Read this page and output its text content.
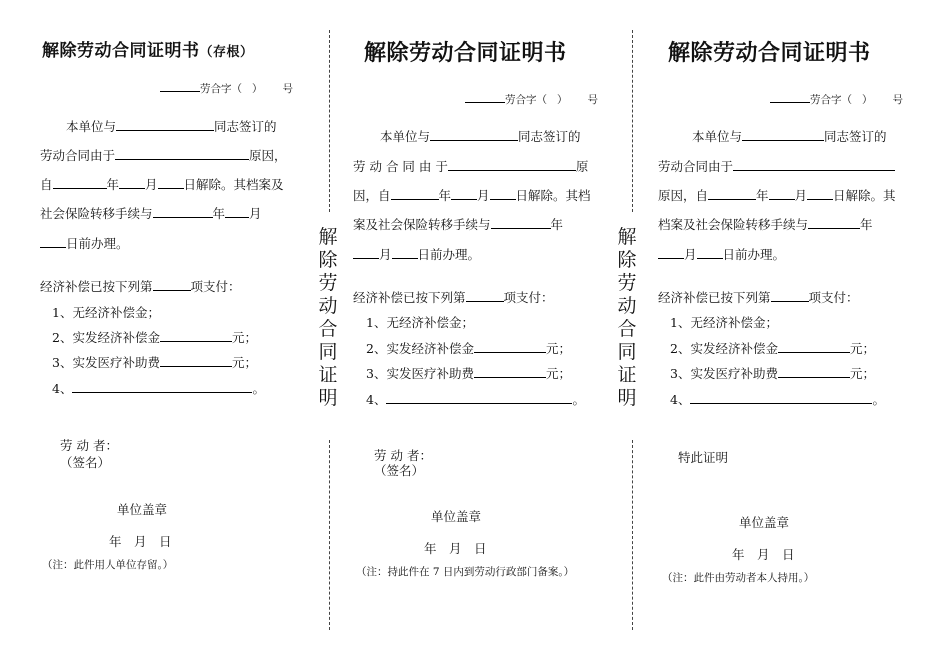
解除劳动合同证明书（存根）
劳合字（ ） 号
本单位与	同志签订的
劳动合同由于	原因，
自	年 月 日解除。其档案及
社会保险转移手续与	年 月
日前办理。
经济补偿已按下列第	项支付：
1、无经济补偿金；
2、实发经济补偿金	元；
3、实发医疗补助费	元；
4、	。
劳 动 者：
（签名）
单位盖章
年　月　日
（注：此件用人单位存留。）
解
除
劳
动
合
同
证
明
解除劳动合同证明书
劳合字（ ） 号
本单位与	同志签订的
劳 动 合 同 由 于	原
因，自	年 月 日解除。其档
案及社会保险转移手续与	年
月 日前办理。
经济补偿已按下列第	项支付：
1、无经济补偿金；
2、实发经济补偿金	元；
3、实发医疗补助费	元；
4、	。
劳 动 者：
（签名）
单位盖章
年　月　日
（注：持此件在 7 日内到劳动行政部门备案。）
解
除
劳
动
合
同
证
明
解除劳动合同证明书
劳合字（ ） 号
本单位与	同志签订的
劳动合同由于
原因，自	年 月 日解除。其
档案及社会保险转移手续与	年
月 日前办理。
经济补偿已按下列第	项支付：
1、无经济补偿金；
2、实发经济补偿金	元；
3、实发医疗补助费	元；
4、	。
特此证明
单位盖章
年　月　日
（注：此件由劳动者本人持用。）
